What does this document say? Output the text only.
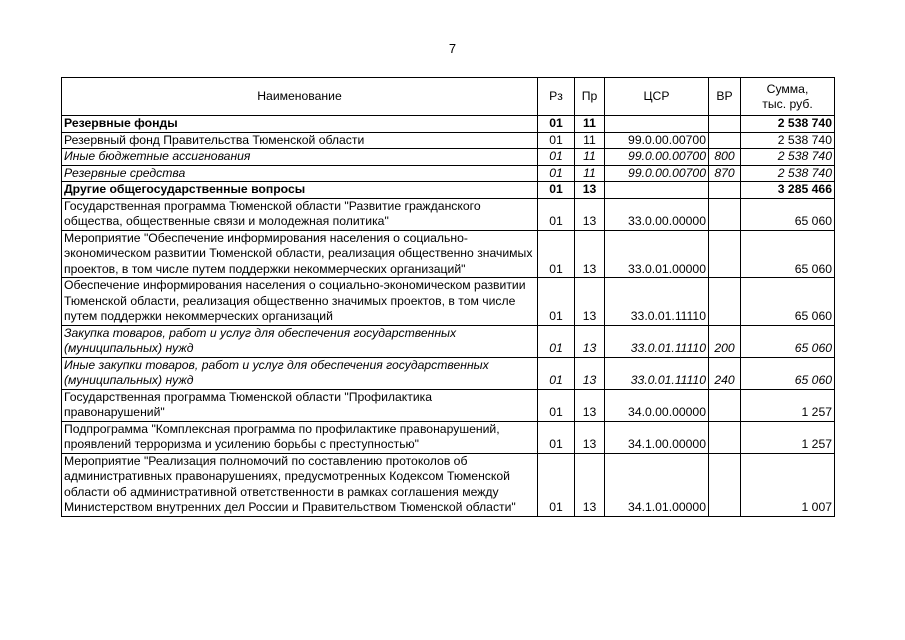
7
Наименование	Рз	Пр	ЦСР	ВР	Сумма,
тыс. руб.
Резервные фонды	01	11			2 538 740
Резервный фонд Правительства Тюменской области	01	11	99.0.00.00700		2 538 740
Иные бюджетные ассигнования	01	11	99.0.00.00700	800	2 538 740
Резервные средства	01	11	99.0.00.00700	870	2 538 740
Другие общегосударственные вопросы	01	13			3 285 466
Государственная программа Тюменской области "Развитие гражданского общества, общественные связи и молодежная политика"	01	13	33.0.00.00000		65 060
Мероприятие "Обеспечение информирования населения о социально-экономическом развитии Тюменской области, реализация общественно значимых проектов, в том числе путем поддержки некоммерческих организаций"	01	13	33.0.01.00000		65 060
Обеспечение информирования населения о социально-экономическом развитии Тюменской области, реализация общественно значимых проектов, в том числе путем поддержки некоммерческих организаций	01	13	33.0.01.11110		65 060
Закупка товаров, работ и услуг для обеспечения государственных (муниципальных) нужд	01	13	33.0.01.11110	200	65 060
Иные закупки товаров, работ и услуг для обеспечения государственных (муниципальных) нужд	01	13	33.0.01.11110	240	65 060
Государственная программа Тюменской области "Профилактика правонарушений"	01	13	34.0.00.00000		1 257
Подпрограмма "Комплексная программа по профилактике правонарушений, проявлений терроризма и усилению борьбы с преступностью"	01	13	34.1.00.00000		1 257
Мероприятие "Реализация полномочий по составлению протоколов об административных правонарушениях, предусмотренных Кодексом Тюменской области об административной ответственности в рамках соглашения между Министерством внутренних дел России и Правительством Тюменской области"	01	13	34.1.01.00000		1 007
